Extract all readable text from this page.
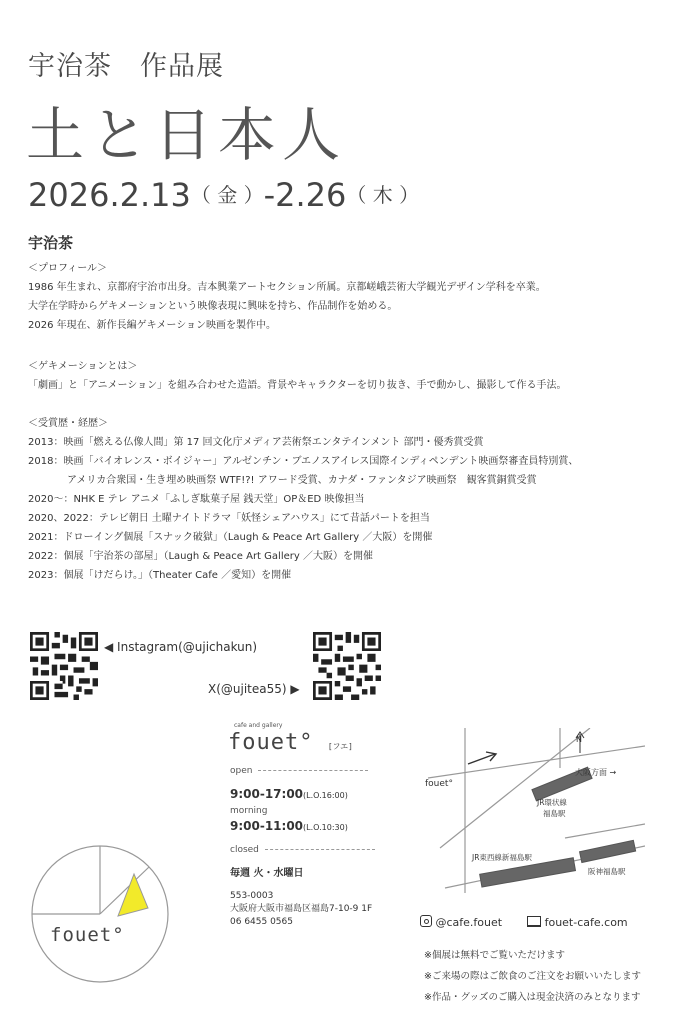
宇治茶　作品展
土と日本人
2026.2.13（ 金 ）-2.26（ 木 ）
宇治茶
＜プロフィール＞
1986 年生まれ、京都府宇治市出身。吉本興業アートセクション所属。京都嵯峨芸術大学観光デザイン学科を卒業。
大学在学時からゲキメーションという映像表現に興味を持ち、作品制作を始める。
2026 年現在、新作長編ゲキメーション映画を製作中。
＜ゲキメーションとは＞
「劇画」と「アニメーション」を組み合わせた造語。背景やキャラクターを切り抜き、手で動かし、撮影して作る手法。
＜受賞歴・経歴＞
2013：映画「燃える仏像人間」第 17 回文化庁メディア芸術祭エンタテインメント 部門・優秀賞受賞
2018：映画「バイオレンス・ボイジャー」アルゼンチン・ブエノスアイレス国際インディペンデント映画祭審査員特別賞、
アメリカ合衆国・生き埋め映画祭 WTF!?! アワード受賞、カナダ・ファンタジア映画祭　観客賞銅賞受賞
2020～：NHK E テレ アニメ「ふしぎ駄菓子屋 銭天堂」OP＆ED 映像担当
2020、2022：テレビ朝日 土曜ナイトドラマ「妖怪シェアハウス」にて昔話パートを担当
2021：ドローイング個展「スナック破獄」（Laugh & Peace Art Gallery ／大阪）を開催
2022：個展「宇治茶の部屋」（Laugh & Peace Art Gallery ／大阪）を開催
2023：個展「けだらけ。」（Theater Cafe ／愛知）を開催
◀ Instagram(@ujichakun)
X(@ujitea55) ▶
cafe and gallery
fouet° [フエ]
open
9:00-17:00(L.O.16:00)
morning
9:00-11:00(L.O.10:30)
closed
毎週 火・水曜日
553-0003
大阪府大阪市福島区福島7-10-9 1F
06 6455 0565
fouet°
N
大阪方面 →
fouet°
JR環状線
福島駅
JR東西線新福島駅
阪神福島駅
@cafe.fouet	fouet-cafe.com
※個展は無料でご覧いただけます
※ご来場の際はご飲食のご注文をお願いいたします
※作品・グッズのご購入は現金決済のみとなります
